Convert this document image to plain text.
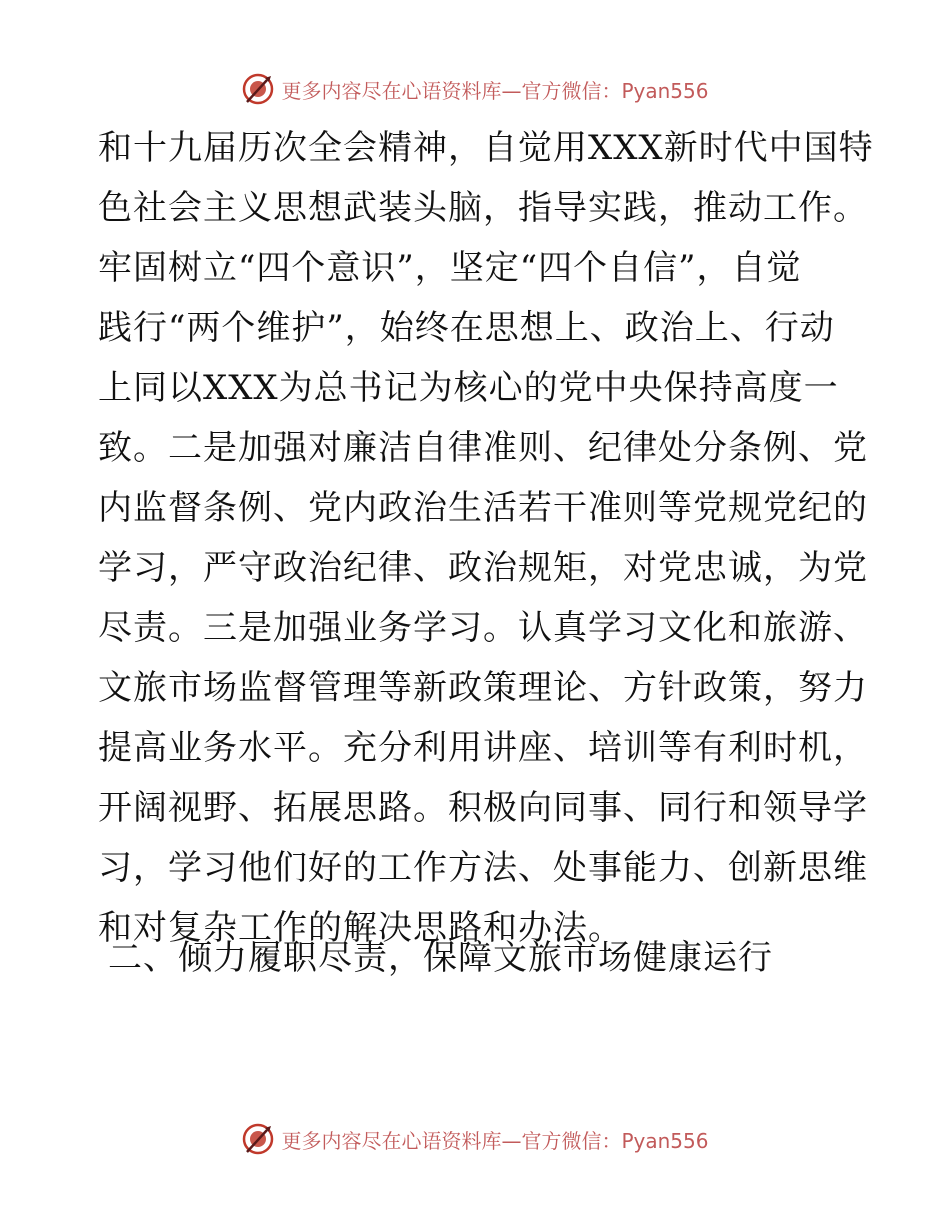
更多内容尽在心语资料库—官方微信：Pyan556
和十九届历次全会精神，自觉用XXX新时代中国特
色社会主义思想武装头脑，指导实践，推动工作。
牢固树立“四个意识”，坚定“四个自信”，自觉
践行“两个维护”，始终在思想上、政治上、行动
上同以XXX为总书记为核心的党中央保持高度一
致。二是加强对廉洁自律准则、纪律处分条例、党
内监督条例、党内政治生活若干准则等党规党纪的
学习，严守政治纪律、政治规矩，对党忠诚，为党
尽责。三是加强业务学习。认真学习文化和旅游、
文旅市场监督管理等新政策理论、方针政策，努力
提高业务水平。充分利用讲座、培训等有利时机，
开阔视野、拓展思路。积极向同事、同行和领导学
习，学习他们好的工作方法、处事能力、创新思维
和对复杂工作的解决思路和办法。
二、倾力履职尽责，保障文旅市场健康运行
更多内容尽在心语资料库—官方微信：Pyan556
